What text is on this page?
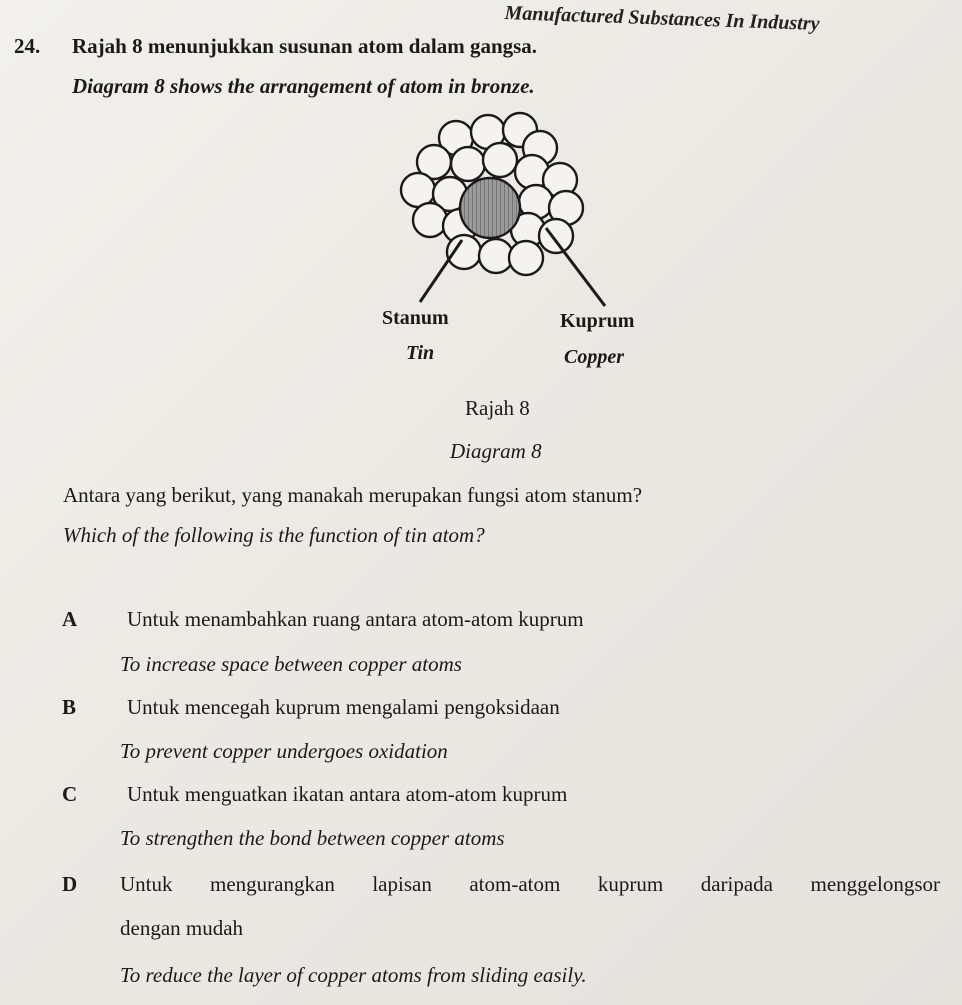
Manufactured Substances In Industry
24. Rajah 8 menunjukkan susunan atom dalam gangsa.
Diagram 8 shows the arrangement of atom in bronze.
Stanum	Kuprum
Tin	Copper
Rajah 8
Diagram 8
Antara yang berikut, yang manakah merupakan fungsi atom stanum?
Which of the following is the function of tin atom?
A Untuk menambahkan ruang antara atom-atom kuprum
To increase space between copper atoms
B Untuk mencegah kuprum mengalami pengoksidaan
To prevent copper undergoes oxidation
C Untuk menguatkan ikatan antara atom-atom kuprum
To strengthen the bond between copper atoms
D Untuk mengurangkan lapisan atom-atom kuprum daripada menggelongsor
dengan mudah
To reduce the layer of copper atoms from sliding easily.
